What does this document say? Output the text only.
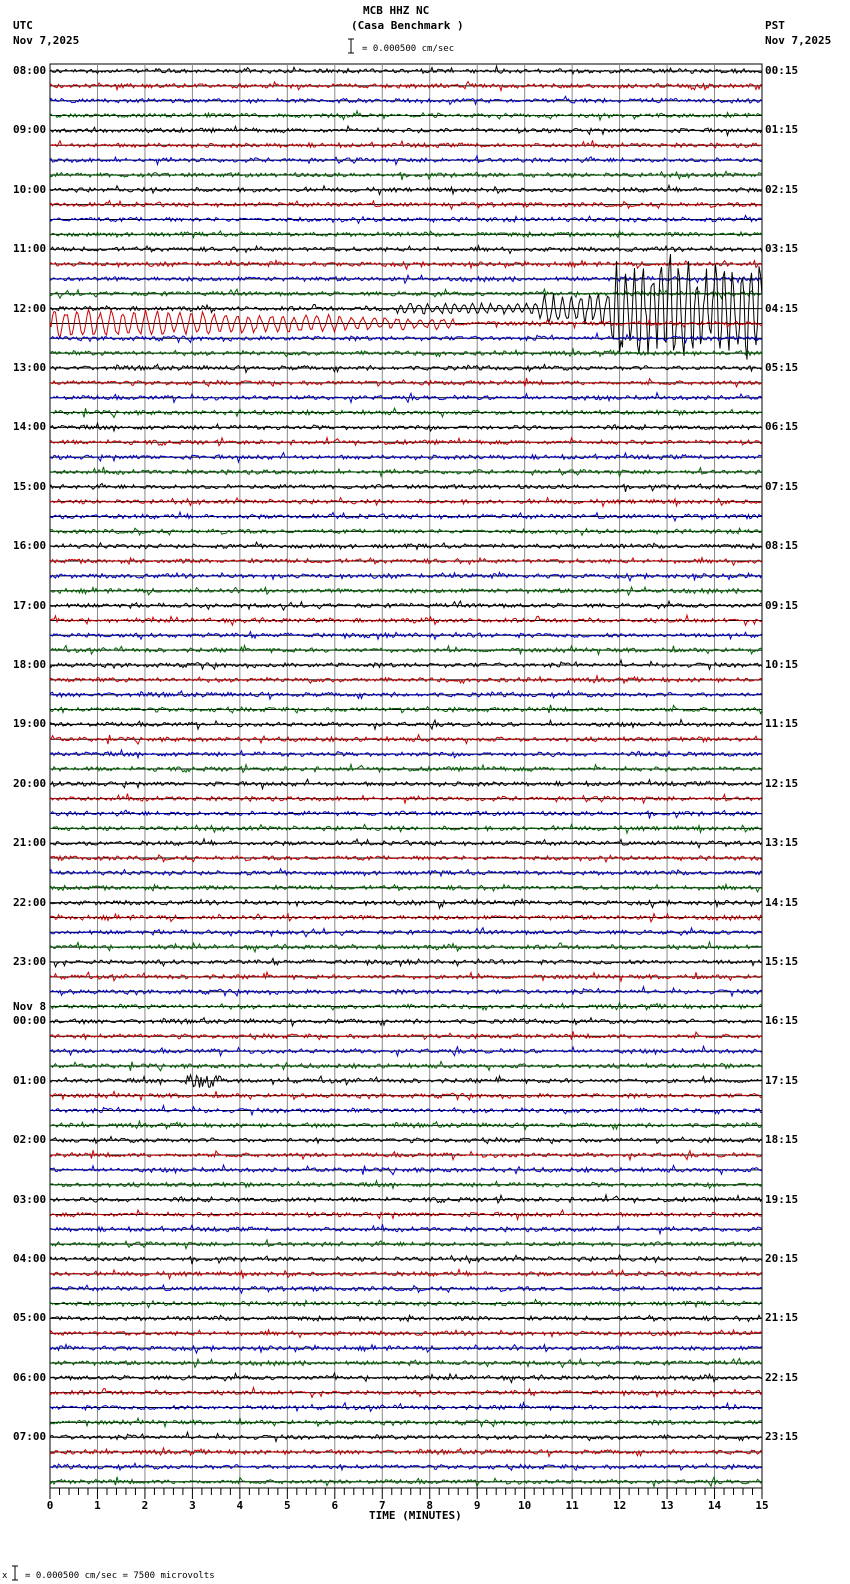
MCB HHZ NC
(Casa Benchmark )
UTC
Nov 7,2025
PST
Nov 7,2025
= 0.000500 cm/sec
08:00
09:00
10:00
11:00
12:00
13:00
14:00
15:00
16:00
17:00
18:00
19:00
20:00
21:00
22:00
23:00
00:00
Nov 8
01:00
02:00
03:00
04:00
05:00
06:00
07:00
00:15
01:15
02:15
03:15
04:15
05:15
06:15
07:15
08:15
09:15
10:15
11:15
12:15
13:15
14:15
15:15
16:15
17:15
18:15
19:15
20:15
21:15
22:15
23:15
0	1	2	3	4	5	6	7	8	9	10	11	12	13	14	15
TIME (MINUTES)
x = 0.000500 cm/sec = 7500 microvolts
